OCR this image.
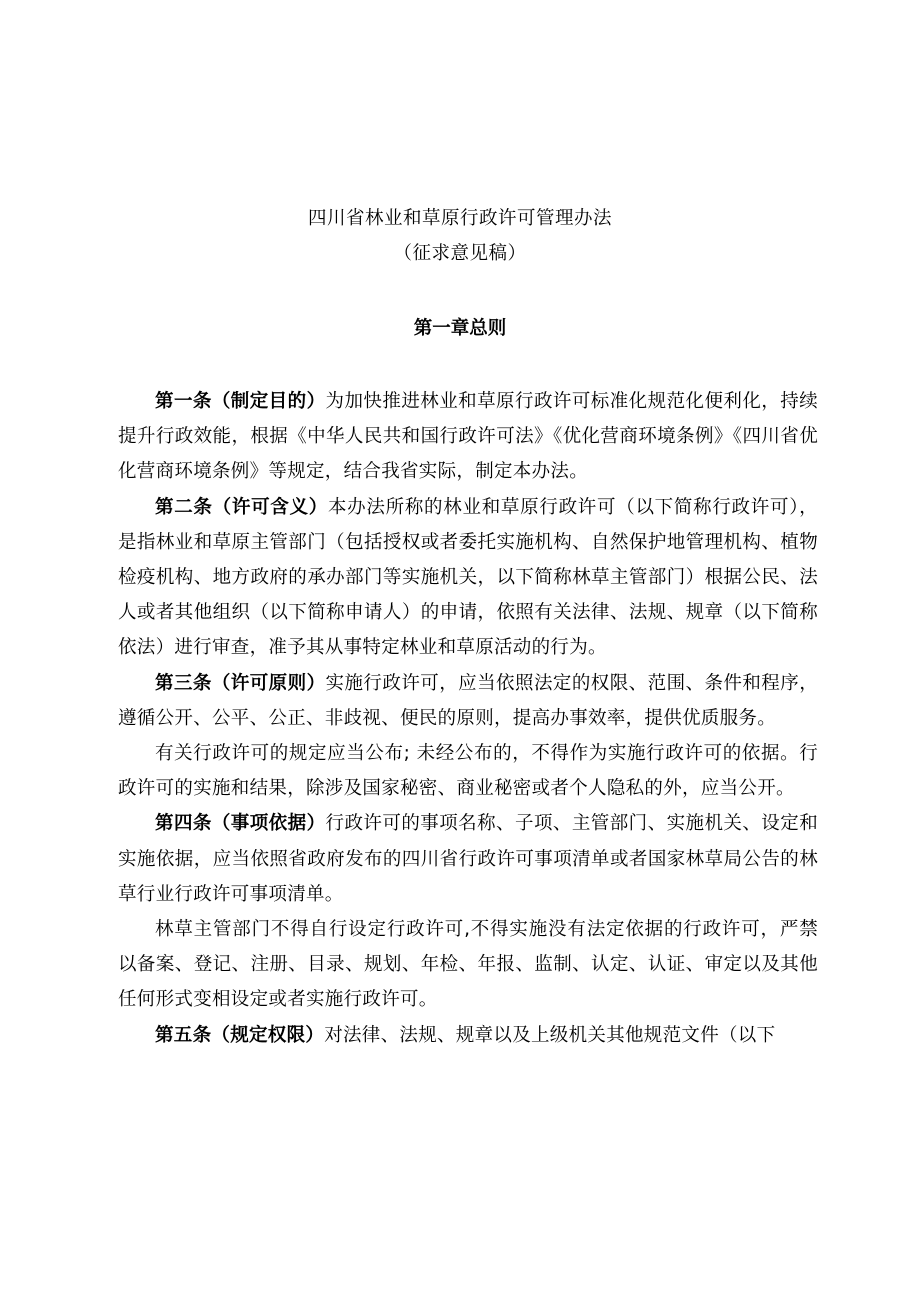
四川省林业和草原行政许可管理办法
（征求意见稿）
第一章总则

第一条（制定目的）为加快推进林业和草原行政许可标准化规范化便利化，持续提升行政效能，根据《中华人民共和国行政许可法》《优化营商环境条例》《四川省优化营商环境条例》等规定，结合我省实际，制定本办法。

第二条（许可含义）本办法所称的林业和草原行政许可（以下简称行政许可），是指林业和草原主管部门（包括授权或者委托实施机构、自然保护地管理机构、植物检疫机构、地方政府的承办部门等实施机关，以下简称林草主管部门）根据公民、法人或者其他组织（以下简称申请人）的申请，依照有关法律、法规、规章（以下简称依法）进行审查，准予其从事特定林业和草原活动的行为。

第三条（许可原则）实施行政许可，应当依照法定的权限、范围、条件和程序，遵循公开、公平、公正、非歧视、便民的原则，提高办事效率，提供优质服务。

有关行政许可的规定应当公布; 未经公布的，不得作为实施行政许可的依据。行政许可的实施和结果，除涉及国家秘密、商业秘密或者个人隐私的外，应当公开。

第四条（事项依据）行政许可的事项名称、子项、主管部门、实施机关、设定和实施依据，应当依照省政府发布的四川省行政许可事项清单或者国家林草局公告的林草行业行政许可事项清单。

林草主管部门不得自行设定行政许可,不得实施没有法定依据的行政许可，严禁以备案、登记、注册、目录、规划、年检、年报、监制、认定、认证、审定以及其他任何形式变相设定或者实施行政许可。

第五条（规定权限）对法律、法规、规章以及上级机关其他规范文件（以下
